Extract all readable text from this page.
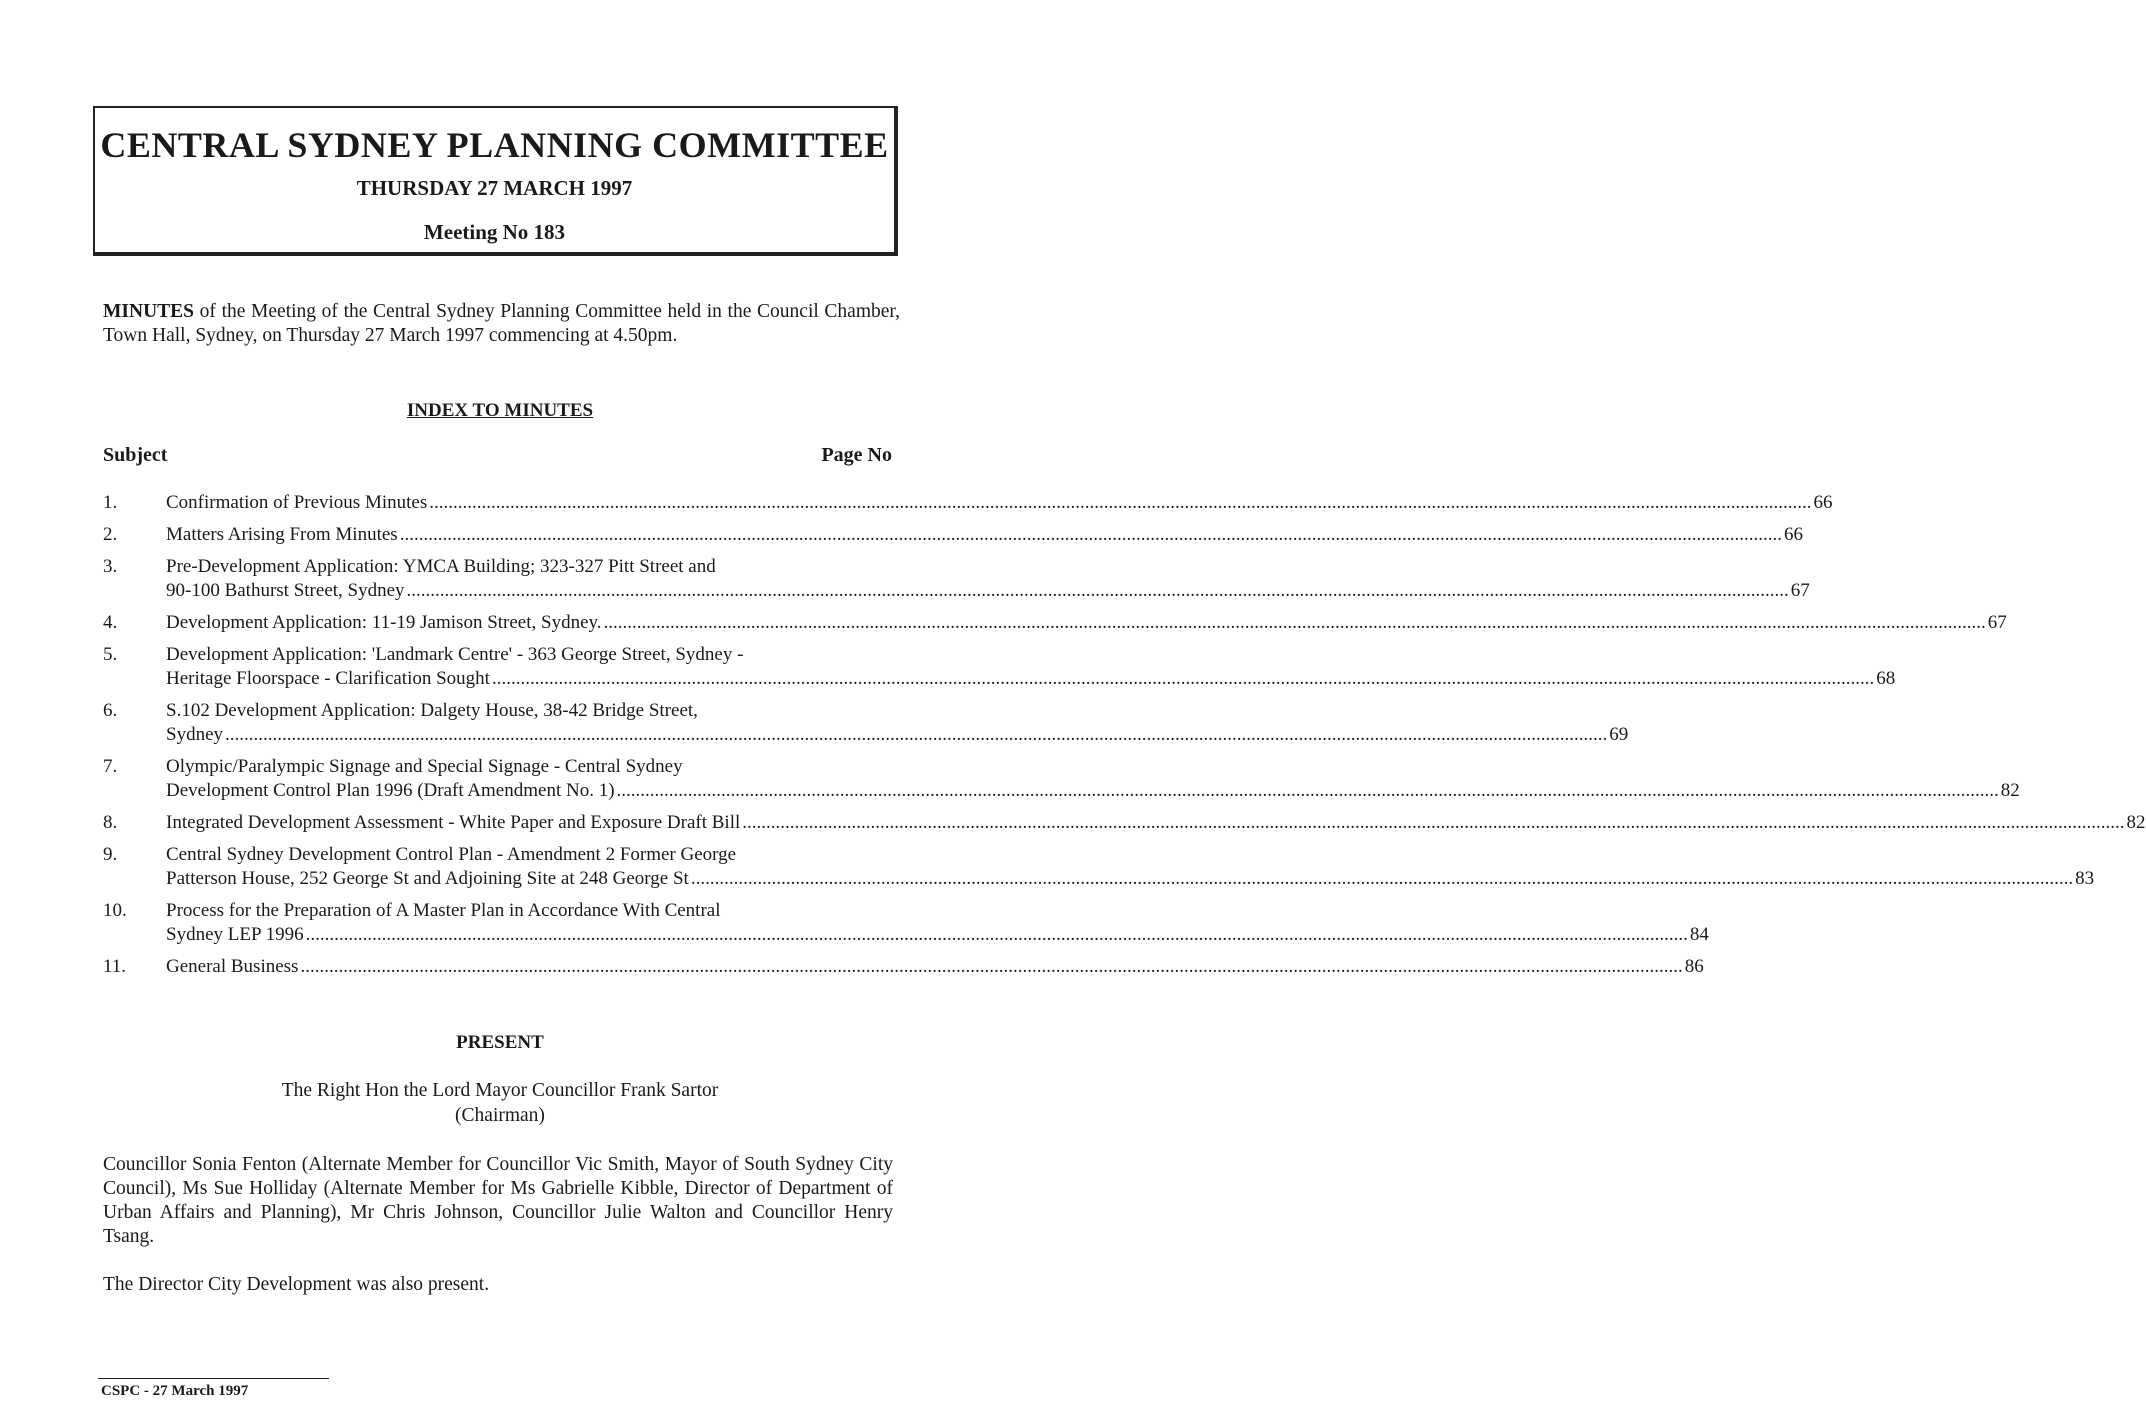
CENTRAL SYDNEY PLANNING COMMITTEE
THURSDAY 27 MARCH 1997
Meeting No 183
MINUTES of the Meeting of the Central Sydney Planning Committee held in the Council Chamber, Town Hall, Sydney, on Thursday 27 March 1997 commencing at 4.50pm.
INDEX TO MINUTES
Subject	Page No
1.	Confirmation of Previous Minutes .....	66
2.	Matters Arising From Minutes .....	66
3.	Pre-Development Application: YMCA Building; 323-327 Pitt Street and
90-100 Bathurst Street, Sydney .....	67
4.	Development Application: 11-19 Jamison Street, Sydney. .....	67
5.	Development Application: 'Landmark Centre' - 363 George Street, Sydney -
Heritage Floorspace - Clarification Sought .....	68
6.	S.102 Development Application: Dalgety House, 38-42 Bridge Street,
Sydney .....	69
7.	Olympic/Paralympic Signage and Special Signage - Central Sydney
Development Control Plan 1996 (Draft Amendment No. 1) .....	82
8.	Integrated Development Assessment - White Paper and Exposure Draft Bill .....	82
9.	Central Sydney Development Control Plan - Amendment 2 Former George
Patterson House, 252 George St and Adjoining Site at 248 George St .....	83
10.	Process for the Preparation of A Master Plan in Accordance With Central
Sydney LEP 1996 .....	84
11.	General Business .....	86
PRESENT
The Right Hon the Lord Mayor Councillor Frank Sartor
(Chairman)
Councillor Sonia Fenton (Alternate Member for Councillor Vic Smith, Mayor of South Sydney City Council), Ms Sue Holliday (Alternate Member for Ms Gabrielle Kibble, Director of Department of Urban Affairs and Planning), Mr Chris Johnson, Councillor Julie Walton and Councillor Henry Tsang.
The Director City Development was also present.
CSPC - 27 March 1997
